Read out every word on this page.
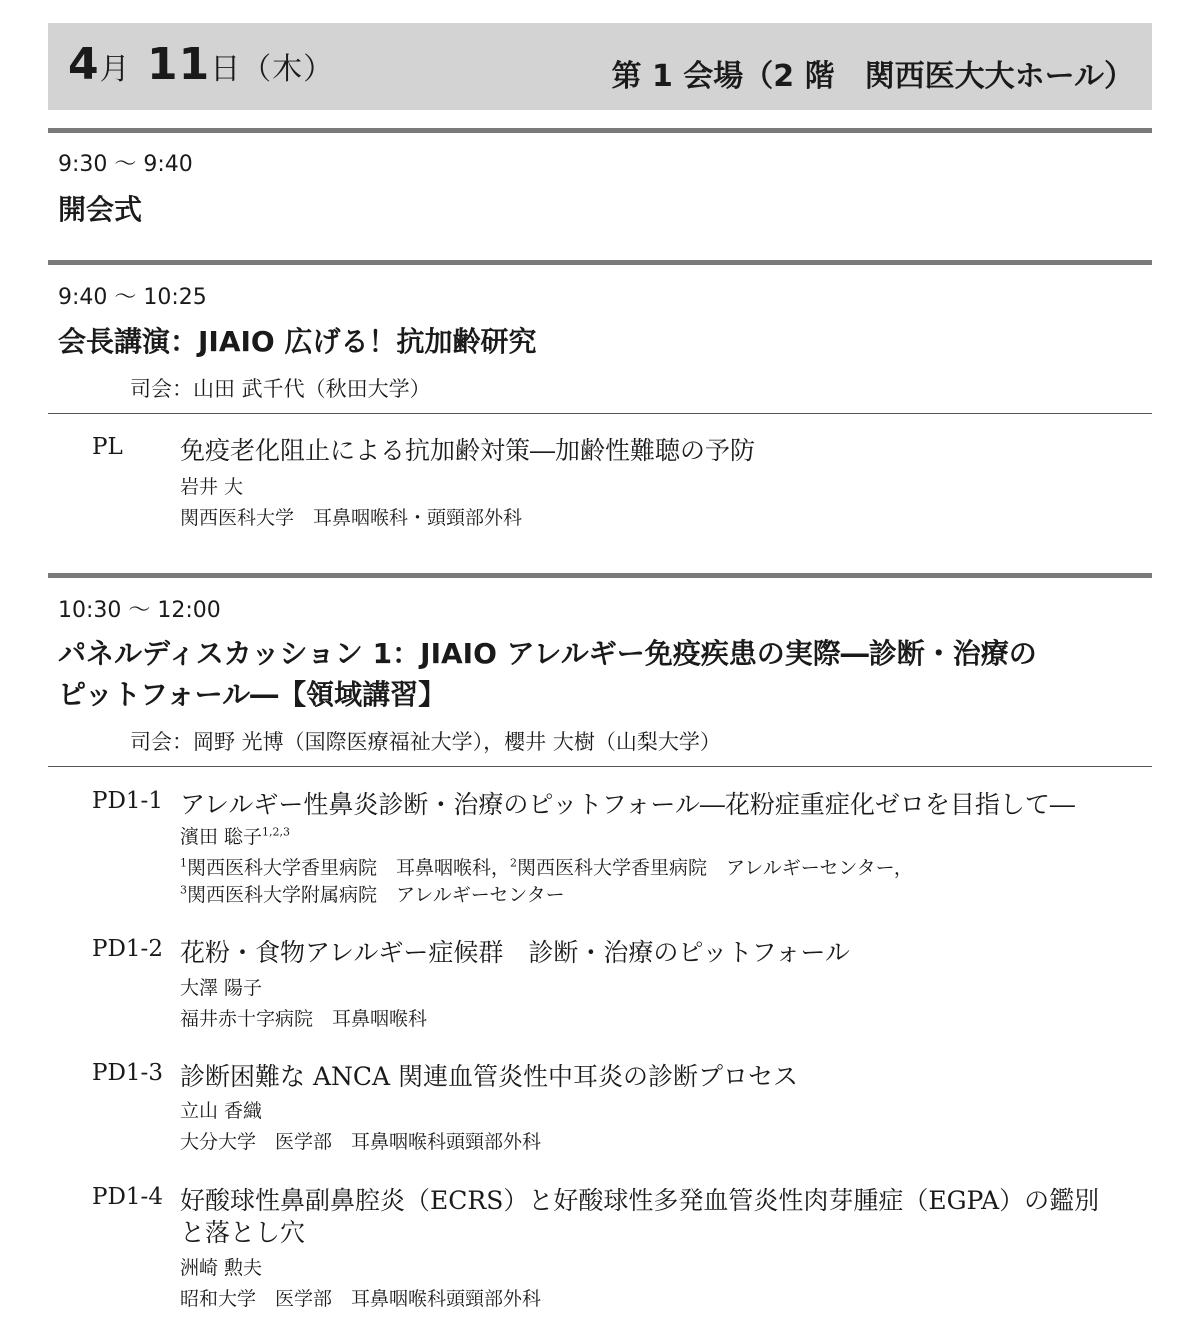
4月 11日（木）	第 1 会場（2 階　関西医大大ホール）
9:30 〜 9:40
開会式
9:40 〜 10:25
会長講演：JIAIO 広げる！抗加齢研究
司会：山田 武千代（秋田大学）
PL 免疫老化阻止による抗加齢対策―加齢性難聴の予防
岩井 大
関西医科大学　耳鼻咽喉科・頭頸部外科
10:30 〜 12:00
パネルディスカッション 1：JIAIO アレルギー免疫疾患の実際―診断・治療の
ピットフォール―【領域講習】
司会：岡野 光博（国際医療福祉大学），櫻井 大樹（山梨大学）
PD1-1 アレルギー性鼻炎診断・治療のピットフォール―花粉症重症化ゼロを目指して―
濱田 聡子$^{1,2,3}$
$^1$関西医科大学香里病院　耳鼻咽喉科，$^2$関西医科大学香里病院　アレルギーセンター，
$^3$関西医科大学附属病院　アレルギーセンター
PD1-2 花粉・食物アレルギー症候群　診断・治療のピットフォール
大澤 陽子
福井赤十字病院　耳鼻咽喉科
PD1-3 診断困難な ANCA 関連血管炎性中耳炎の診断プロセス
立山 香織
大分大学　医学部　耳鼻咽喉科頭頸部外科
PD1-4 好酸球性鼻副鼻腔炎（ECRS）と好酸球性多発血管炎性肉芽腫症（EGPA）の鑑別
と落とし穴
洲崎 勲夫
昭和大学　医学部　耳鼻咽喉科頭頸部外科
